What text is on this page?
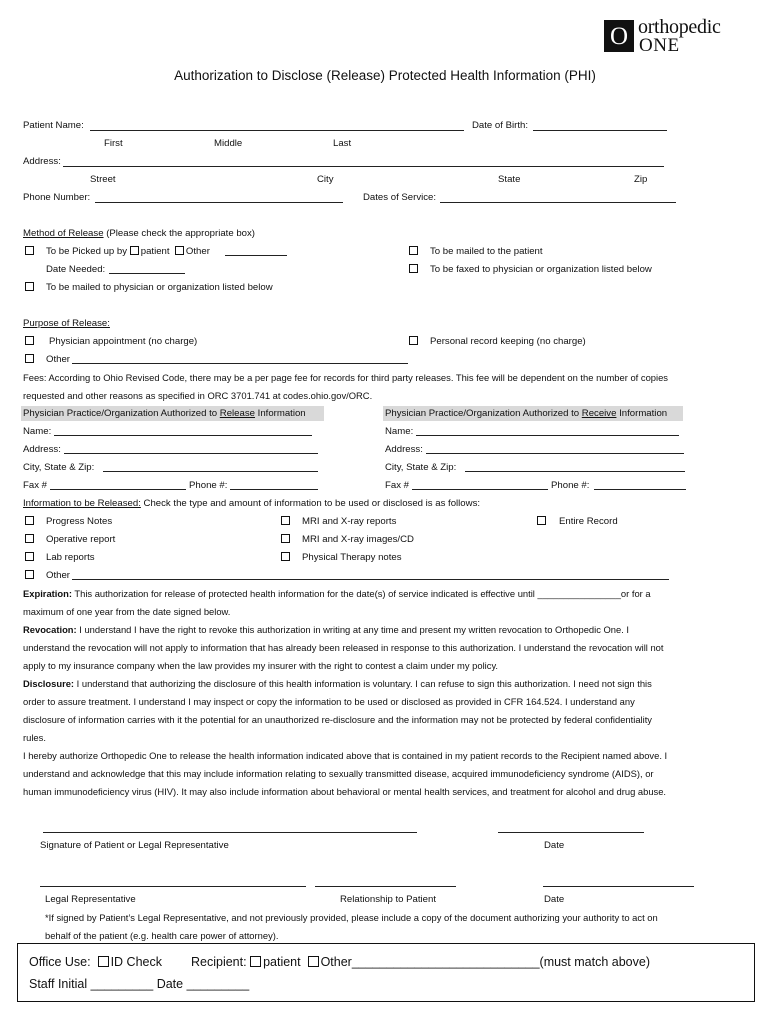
O orthopedic
ONE
Authorization to Disclose (Release) Protected Health Information (PHI)
Patient Name:	Date of Birth:
First	Middle	Last
Address:
Street	City	State	Zip
Phone Number:	Dates of Service:
Method of Release (Please check the appropriate box)
To be Picked up by patient Other
Date Needed:
To be mailed to physician or organization listed below
To be mailed to the patient
To be faxed to physician or organization listed below
Purpose of Release:
Physician appointment (no charge)	Personal record keeping (no charge)
Other
Fees: According to Ohio Revised Code, there may be a per page fee for records for third party releases. This fee will be dependent on the number of copies
requested and other reasons as specified in ORC 3701.741 at codes.ohio.gov/ORC.
Physician Practice/Organization Authorized to Release Information	Physician Practice/Organization Authorized to Receive Information
Name:
Address:
City, State & Zip:
Fax #	Phone #:
Name:
Address:
City, State & Zip:
Fax #	Phone #:
Information to be Released: Check the type and amount of information to be used or disclosed is as follows:
Progress Notes
Operative report
Lab reports
Other
MRI and X-ray reports
MRI and X-ray images/CD
Physical Therapy notes
Entire Record
Expiration: This authorization for release of protected health information for the date(s) of service indicated is effective until ________________or for a
maximum of one year from the date signed below.
Revocation: I understand I have the right to revoke this authorization in writing at any time and present my written revocation to Orthopedic One. I
understand the revocation will not apply to information that has already been released in response to this authorization. I understand the revocation will not
apply to my insurance company when the law provides my insurer with the right to contest a claim under my policy.
Disclosure: I understand that authorizing the disclosure of this health information is voluntary. I can refuse to sign this authorization. I need not sign this
order to assure treatment. I understand I may inspect or copy the information to be used or disclosed as provided in CFR 164.524. I understand any
disclosure of information carries with it the potential for an unauthorized re-disclosure and the information may not be protected by federal confidentiality
rules.
I hereby authorize Orthopedic One to release the health information indicated above that is contained in my patient records to the Recipient named above. I
understand and acknowledge that this may include information relating to sexually transmitted disease, acquired immunodeficiency syndrome (AIDS), or
human immunodeficiency virus (HIV). It may also include information about behavioral or mental health services, and treatment for alcohol and drug abuse.
Signature of Patient or Legal Representative	Date
Legal Representative	Relationship to Patient	Date
*If signed by Patient’s Legal Representative, and not previously provided, please include a copy of the document authorizing your authority to act on
behalf of the patient (e.g. health care power of attorney).
Office Use: ID Check Recipient: patient Other___________________________(must match above)
Staff Initial _________ Date _________
